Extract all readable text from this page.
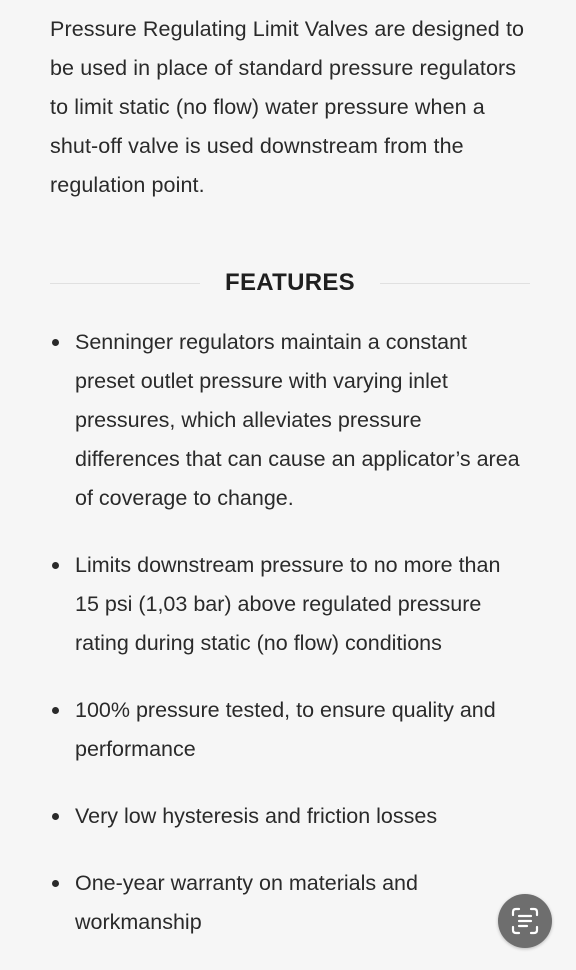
Pressure Regulating Limit Valves are designed to be used in place of standard pressure regulators to limit static (no flow) water pressure when a shut-off valve is used downstream from the regulation point.

FEATURES
Senninger regulators maintain a constant preset outlet pressure with varying inlet pressures, which alleviates pressure differences that can cause an applicator’s area of coverage to change.
Limits downstream pressure to no more than 15 psi (1,03 bar) above regulated pressure rating during static (no flow) conditions
100% pressure tested, to ensure quality and performance
Very low hysteresis and friction losses
One-year warranty on materials and workmanship
